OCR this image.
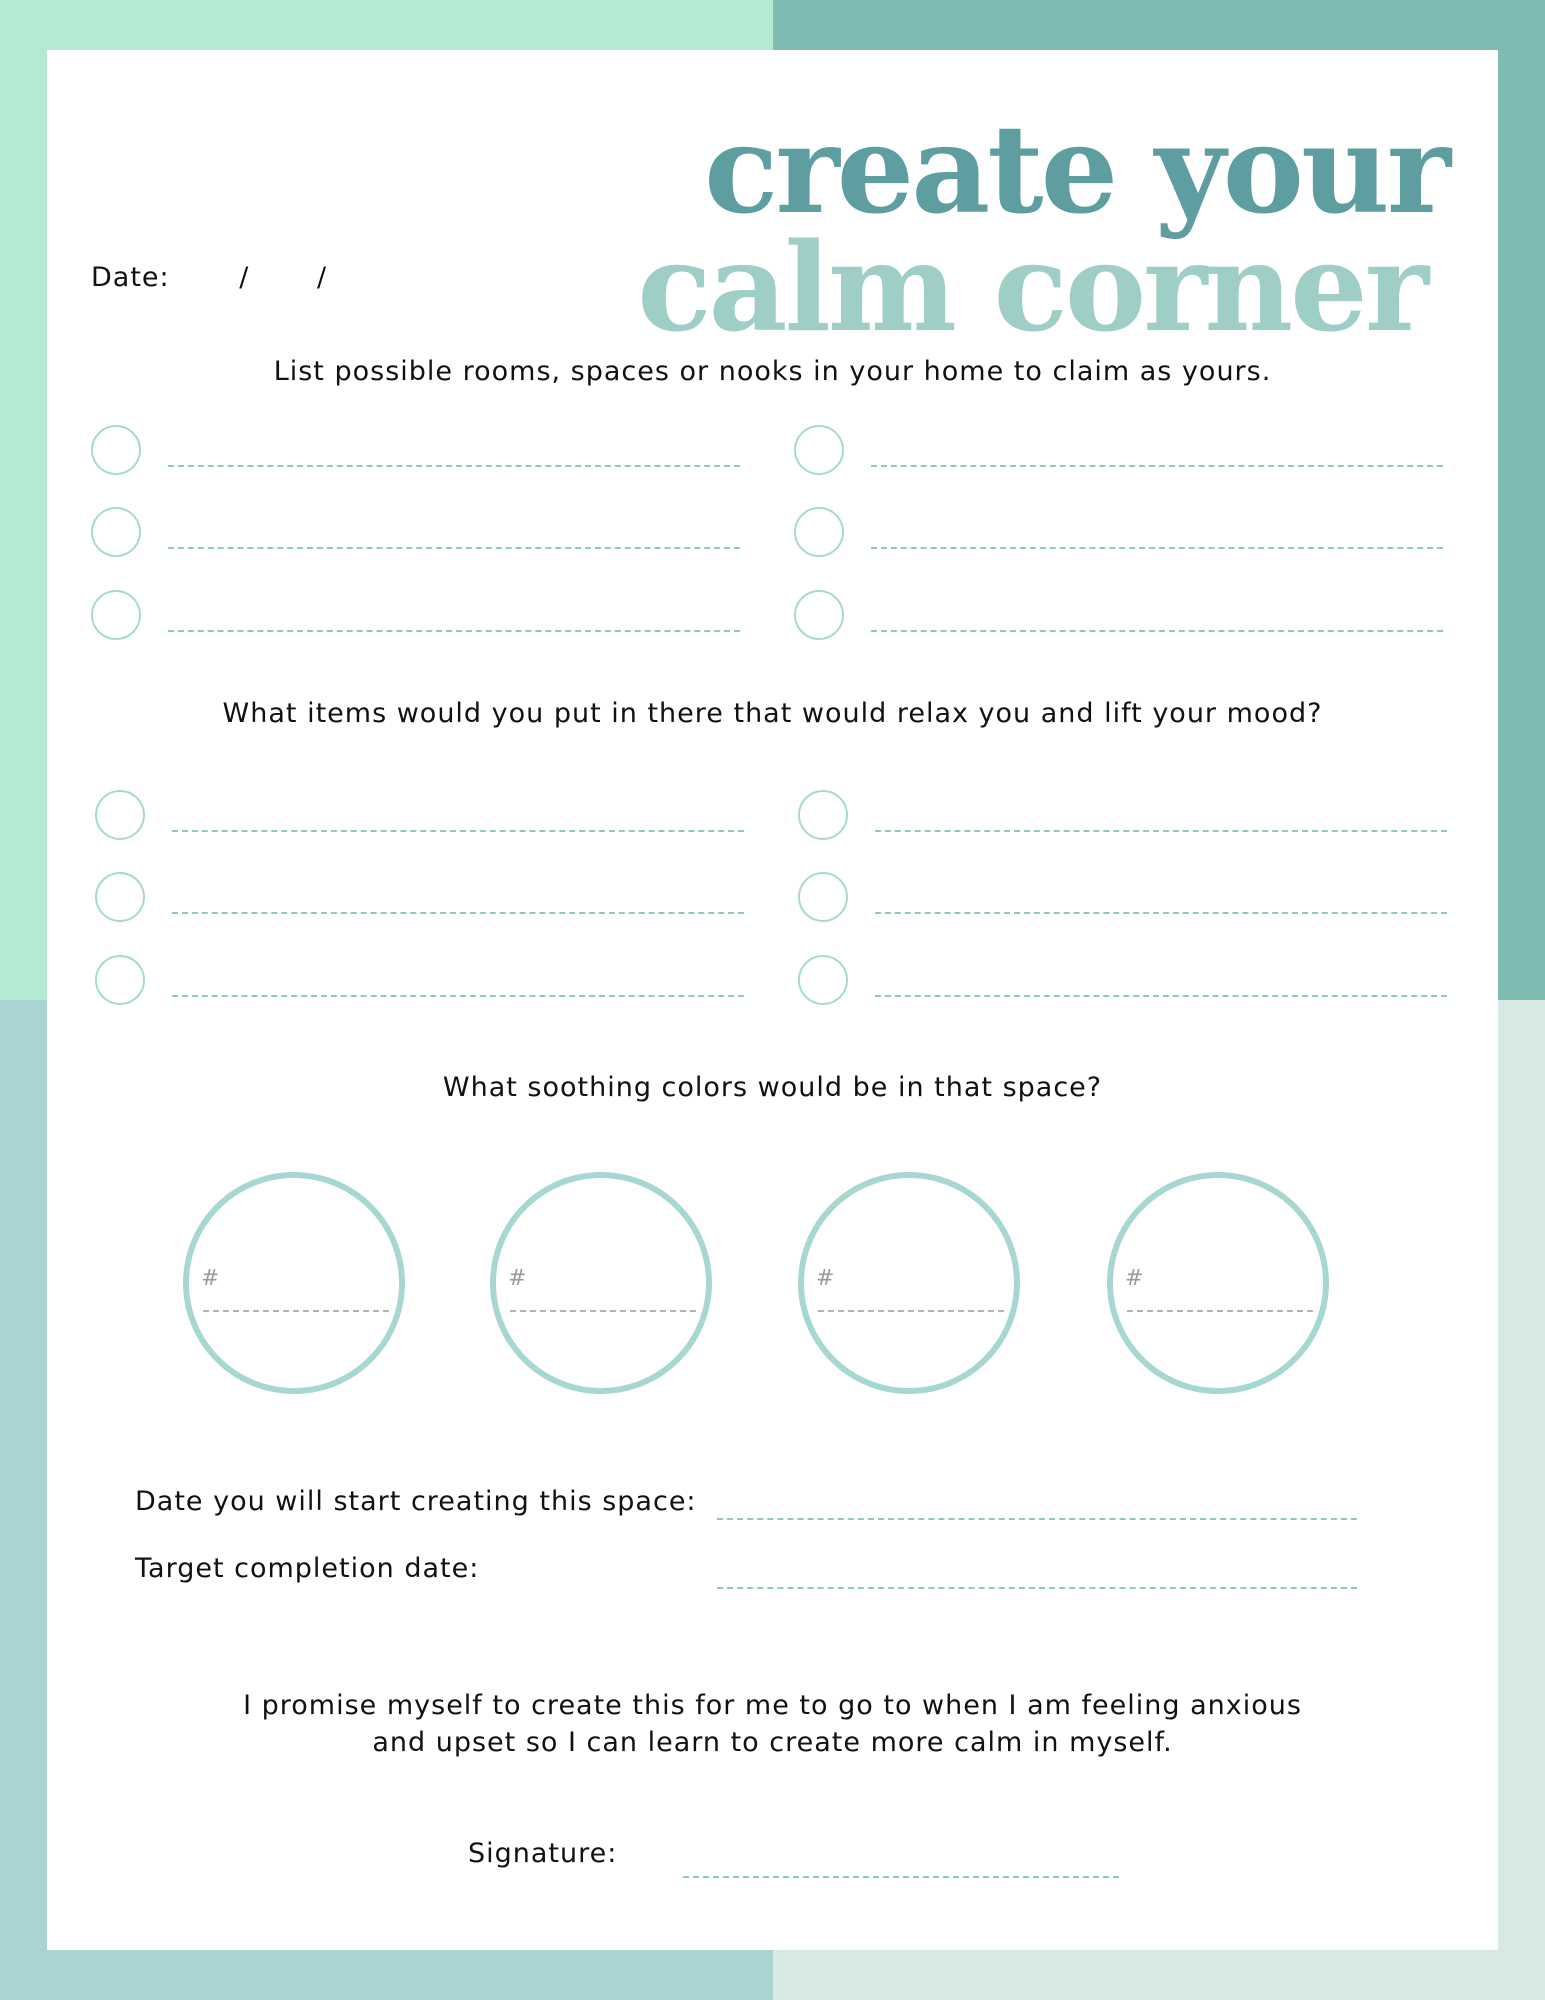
create your
calm corner
Date:	/	/

List possible rooms, spaces or nooks in your home to claim as yours.

What items would you put in there that would relax you and lift your mood?

What soothing colors would be in that space?

#	#	#	#

Date you will start creating this space:

Target completion date:

I promise myself to create this for me to go to when I am feeling anxious

and upset so I can learn to create more calm in myself.

Signature:
